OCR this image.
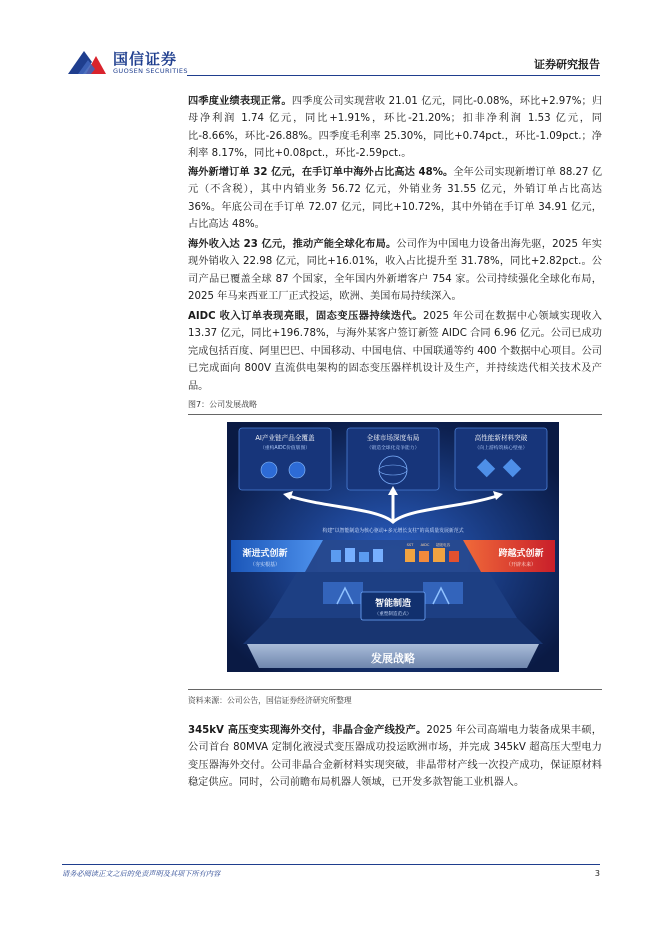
国信证券
GUOSEN SECURITIES	证券研究报告
四季度业绩表现正常。四季度公司实现营收 21.01 亿元，同比-0.08%，环比+2.97%；归母净利润 1.74 亿元，同比+1.91%，环比-21.20%；扣非净利润 1.53 亿元，同比-8.66%，环比-26.88%。四季度毛利率 25.30%，同比+0.74pct.，环比-1.09pct.；净利率 8.17%，同比+0.08pct.，环比-2.59pct.。
海外新增订单 32 亿元，在手订单中海外占比高达 48%。全年公司实现新增订单 88.27 亿元（不含税），其中内销业务 56.72 亿元，外销业务 31.55 亿元，外销订单占比高达 36%。年底公司在手订单 72.07 亿元，同比+10.72%，其中外销在手订单 34.91 亿元，占比高达 48%。
海外收入达 23 亿元，推动产能全球化布局。公司作为中国电力设备出海先驱，2025 年实现外销收入 22.98 亿元，同比+16.01%，收入占比提升至 31.78%，同比+2.82pct.。公司产品已覆盖全球 87 个国家，全年国内外新增客户 754 家。公司持续强化全球化布局，2025 年马来西亚工厂正式投运，欧洲、美国布局持续深入。
AIDC 收入订单表现亮眼，固态变压器持续迭代。2025 年公司在数据中心领域实现收入 13.37 亿元，同比+196.78%，与海外某客户签订新签 AIDC 合同 6.96 亿元。公司已成功完成包括百度、阿里巴巴、中国移动、中国电信、中国联通等约 400 个数据中心项目。公司已完成面向 800V 直流供电架构的固态变压器样机设计及生产，并持续迭代相关技术及产品。
图7：公司发展战略
AI产业链产品全覆盖
（重构AIDC价值版图）
全球市场深度布局
（锻造全球化竞争能力）
高性能新材料突破
（向上游构筑核心壁垒）
构建“以智能制造为核心驱动+多元增长支柱”的高质量发展新范式
渐进式创新
（夯实根基）
跨越式创新
（开辟未来）
SST AIDC 超级电容
智能制造
（重塑制造范式）
发展战略
资料来源：公司公告，国信证券经济研究所整理
345kV 高压变实现海外交付，非晶合金产线投产。2025 年公司高端电力装备成果丰硕，公司首台 80MVA 定制化液浸式变压器成功投运欧洲市场，并完成 345kV 超高压大型电力变压器海外交付。公司非晶合金新材料实现突破，非晶带材产线一次投产成功，保证原材料稳定供应。同时，公司前瞻布局机器人领域，已开发多款智能工业机器人。
请务必阅读正文之后的免责声明及其项下所有内容	3
